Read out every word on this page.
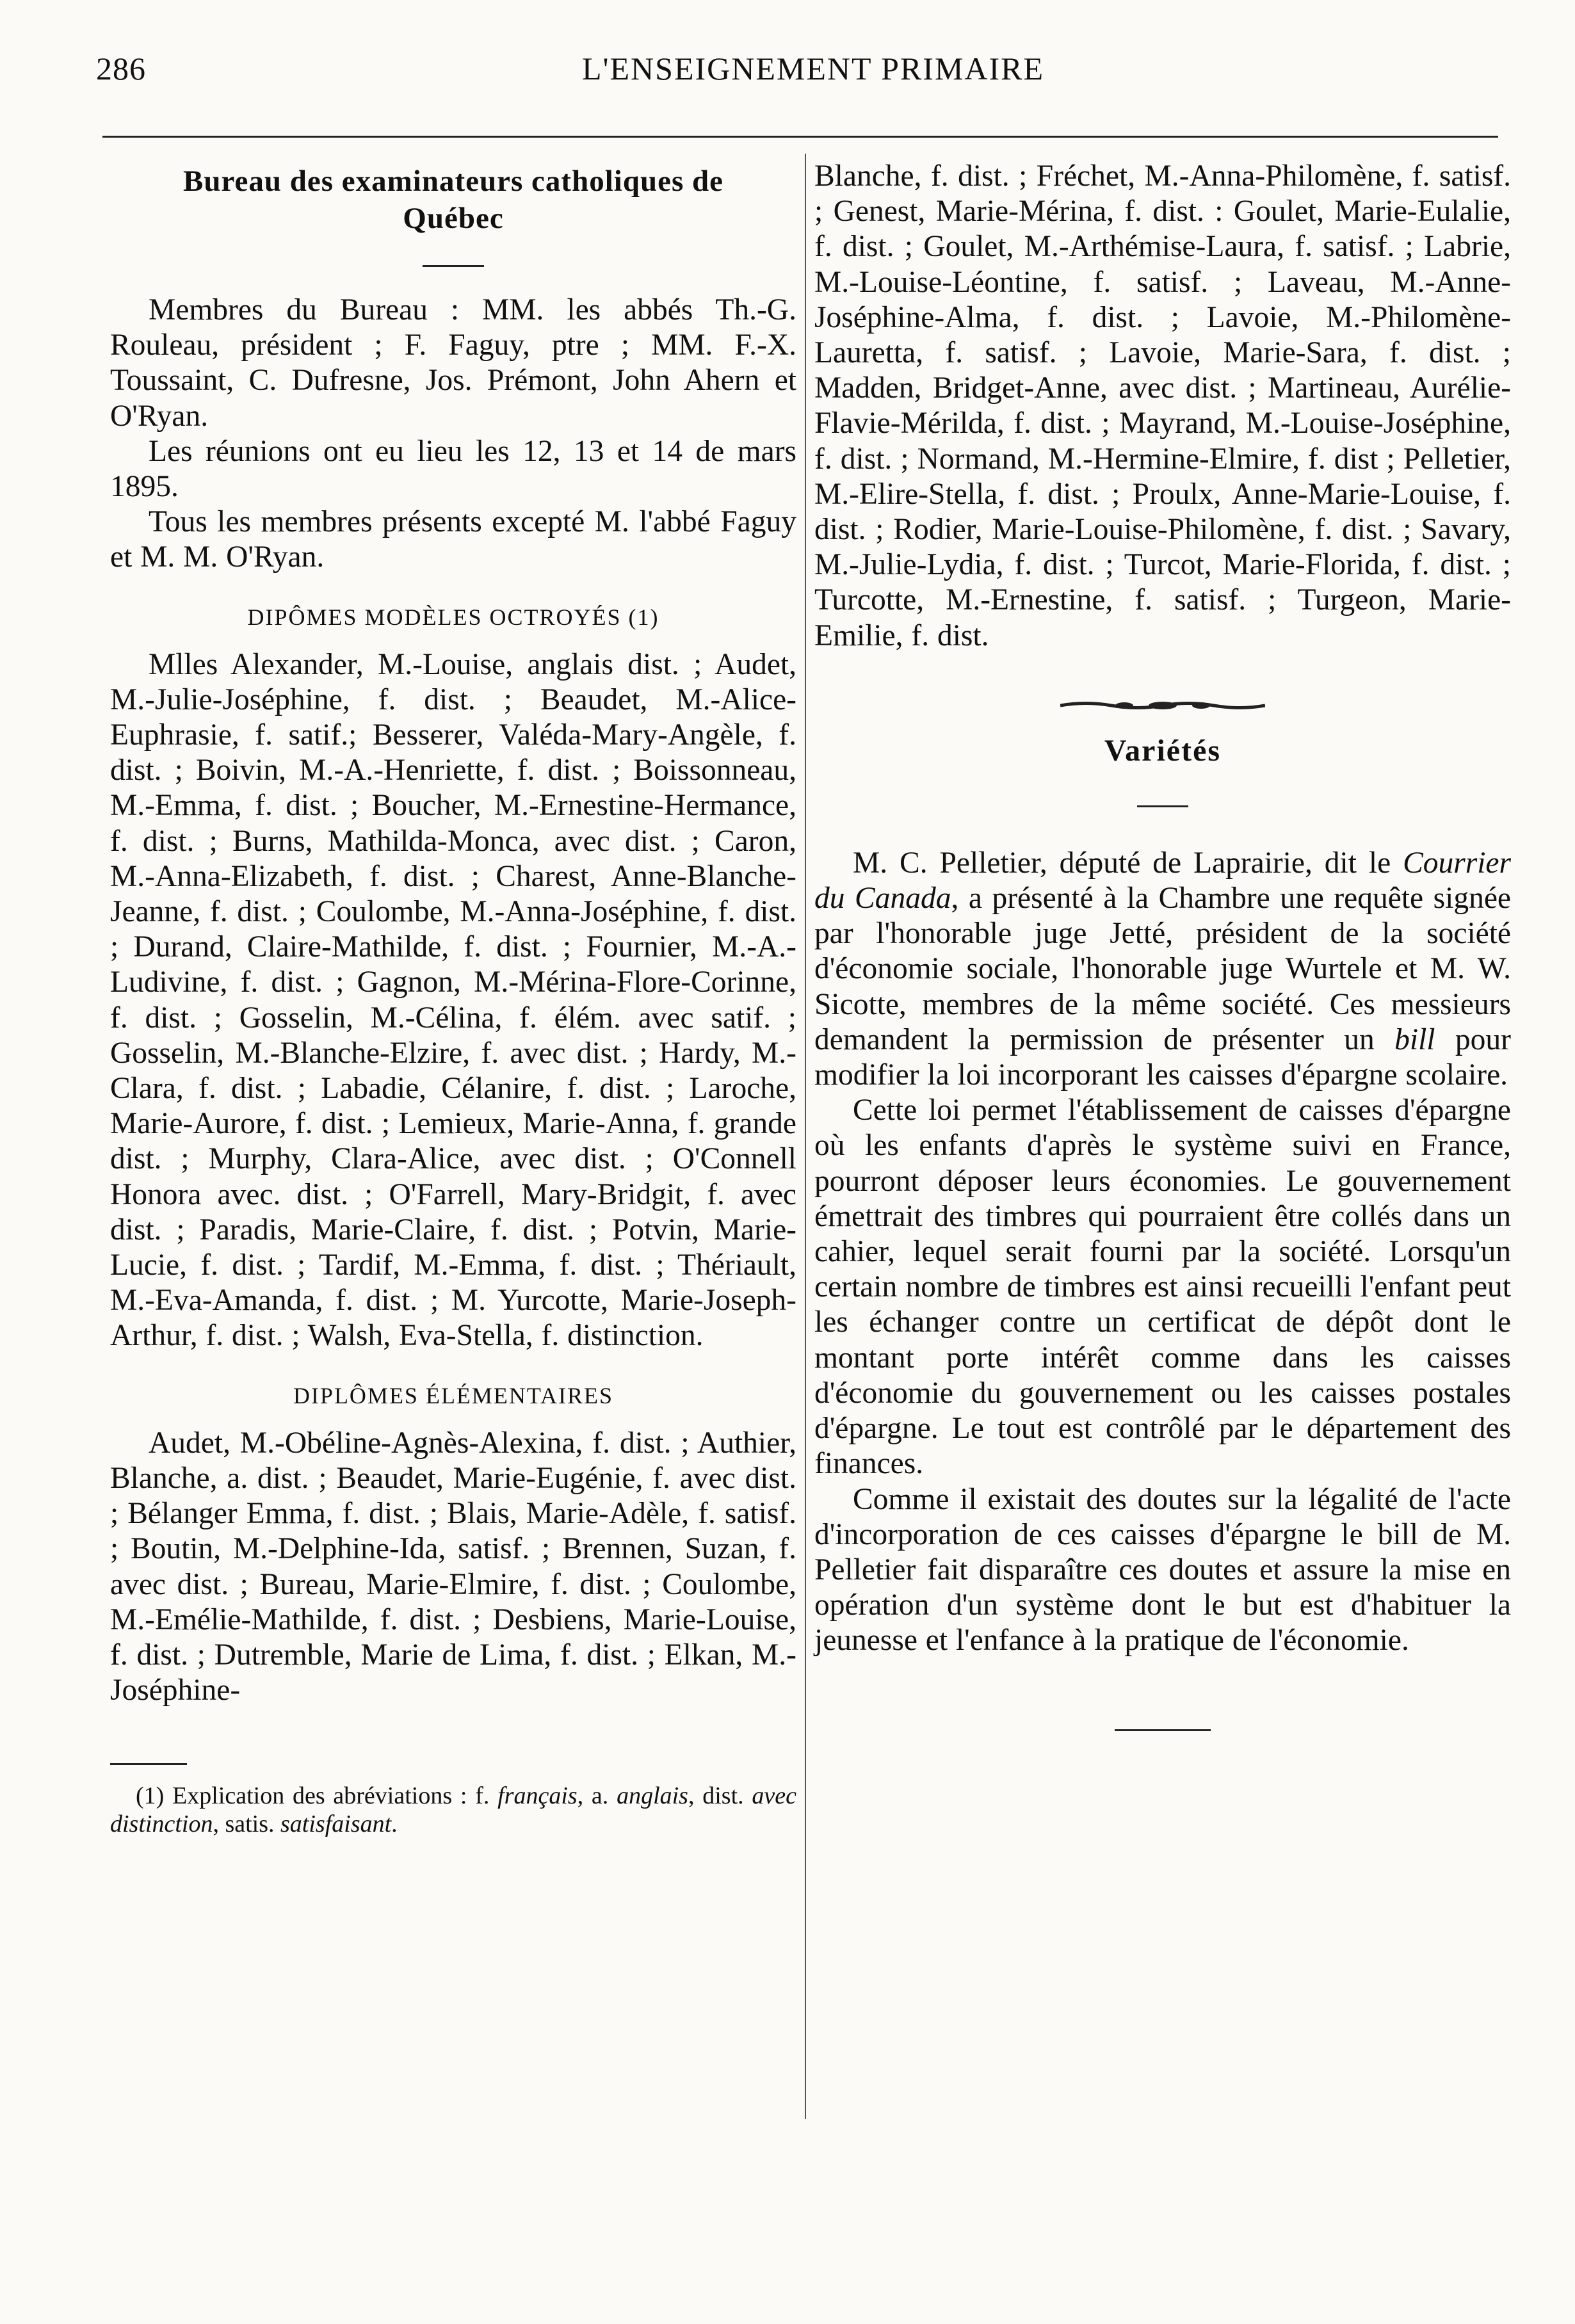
286	L'ENSEIGNEMENT PRIMAIRE
Bureau des examinateurs catholiques de Québec

Membres du Bureau : MM. les abbés Th.-G. Rouleau, président ; F. Faguy, ptre ; MM. F.-X. Toussaint, C. Dufresne, Jos. Prémont, John Ahern et O'Ryan.

Les réunions ont eu lieu les 12, 13 et 14 de mars 1895.

Tous les membres présents excepté M. l'abbé Faguy et M. M. O'Ryan.

DIPÔMES MODÈLES OCTROYÉS (1)

Mlles Alexander, M.-Louise, anglais dist. ; Audet, M.-Julie-Joséphine, f. dist. ; Beaudet, M.-Alice-Euphrasie, f. satif.; Besserer, Valéda-Mary-Angèle, f. dist. ; Boivin, M.-A.-Henriette, f. dist. ; Boissonneau, M.-Emma, f. dist. ; Boucher, M.-Ernestine-Hermance, f. dist. ; Burns, Mathilda-Monca, avec dist. ; Caron, M.-Anna-Elizabeth, f. dist. ; Charest, Anne-Blanche-Jeanne, f. dist. ; Coulombe, M.-Anna-Joséphine, f. dist. ; Durand, Claire-Mathilde, f. dist. ; Fournier, M.-A.-Ludivine, f. dist. ; Gagnon, M.-Mérina-Flore-Corinne, f. dist. ; Gosselin, M.-Célina, f. élém. avec satif. ; Gosselin, M.-Blanche-Elzire, f. avec dist. ; Hardy, M.-Clara, f. dist. ; Labadie, Célanire, f. dist. ; Laroche, Marie-Aurore, f. dist. ; Lemieux, Marie-Anna, f. grande dist. ; Murphy, Clara-Alice, avec dist. ; O'Connell Honora avec. dist. ; O'Farrell, Mary-Bridgit, f. avec dist. ; Paradis, Marie-Claire, f. dist. ; Potvin, Marie-Lucie, f. dist. ; Tardif, M.-Emma, f. dist. ; Thériault, M.-Eva-Amanda, f. dist. ; M. Yurcotte, Marie-Joseph-Arthur, f. dist. ; Walsh, Eva-Stella, f. distinction.

DIPLÔMES ÉLÉMENTAIRES

Audet, M.-Obéline-Agnès-Alexina, f. dist. ; Authier, Blanche, a. dist. ; Beaudet, Marie-Eugénie, f. avec dist. ; Bélanger Emma, f. dist. ; Blais, Marie-Adèle, f. satisf. ; Boutin, M.-Delphine-Ida, satisf. ; Brennen, Suzan, f. avec dist. ; Bureau, Marie-Elmire, f. dist. ; Coulombe, M.-Emélie-Mathilde, f. dist. ; Desbiens, Marie-Louise, f. dist. ; Dutremble, Marie de Lima, f. dist. ; Elkan, M.-Joséphine-

(1) Explication des abréviations : f. français, a. anglais, dist. avec distinction, satis. satisfaisant.

Blanche, f. dist. ; Fréchet, M.-Anna-Philomène, f. satisf. ; Genest, Marie-Mérina, f. dist. : Goulet, Marie-Eulalie, f. dist. ; Goulet, M.-Arthémise-Laura, f. satisf. ; Labrie, M.-Louise-Léontine, f. satisf. ; Laveau, M.-Anne-Joséphine-Alma, f. dist. ; Lavoie, M.-Philomène-Lauretta, f. satisf. ; Lavoie, Marie-Sara, f. dist. ; Madden, Bridget-Anne, avec dist. ; Martineau, Aurélie-Flavie-Mérilda, f. dist. ; Mayrand, M.-Louise-Joséphine, f. dist. ; Normand, M.-Hermine-Elmire, f. dist ; Pelletier, M.-Elire-Stella, f. dist. ; Proulx, Anne-Marie-Louise, f. dist. ; Rodier, Marie-Louise-Philomène, f. dist. ; Savary, M.-Julie-Lydia, f. dist. ; Turcot, Marie-Florida, f. dist. ; Turcotte, M.-Ernestine, f. satisf. ; Turgeon, Marie-Emilie, f. dist.

Variétés

M. C. Pelletier, député de Laprairie, dit le Courrier du Canada, a présenté à la Chambre une requête signée par l'honorable juge Jetté, président de la société d'économie sociale, l'honorable juge Wurtele et M. W. Sicotte, membres de la même société. Ces messieurs demandent la permission de présenter un bill pour modifier la loi incorporant les caisses d'épargne scolaire.

Cette loi permet l'établissement de caisses d'épargne où les enfants d'après le système suivi en France, pourront déposer leurs économies. Le gouvernement émettrait des timbres qui pourraient être collés dans un cahier, lequel serait fourni par la société. Lorsqu'un certain nombre de timbres est ainsi recueilli l'enfant peut les échanger contre un certificat de dépôt dont le montant porte intérêt comme dans les caisses d'économie du gouvernement ou les caisses postales d'épargne. Le tout est contrôlé par le département des finances.

Comme il existait des doutes sur la légalité de l'acte d'incorporation de ces caisses d'épargne le bill de M. Pelletier fait disparaître ces doutes et assure la mise en opération d'un système dont le but est d'habituer la jeunesse et l'enfance à la pratique de l'économie.
